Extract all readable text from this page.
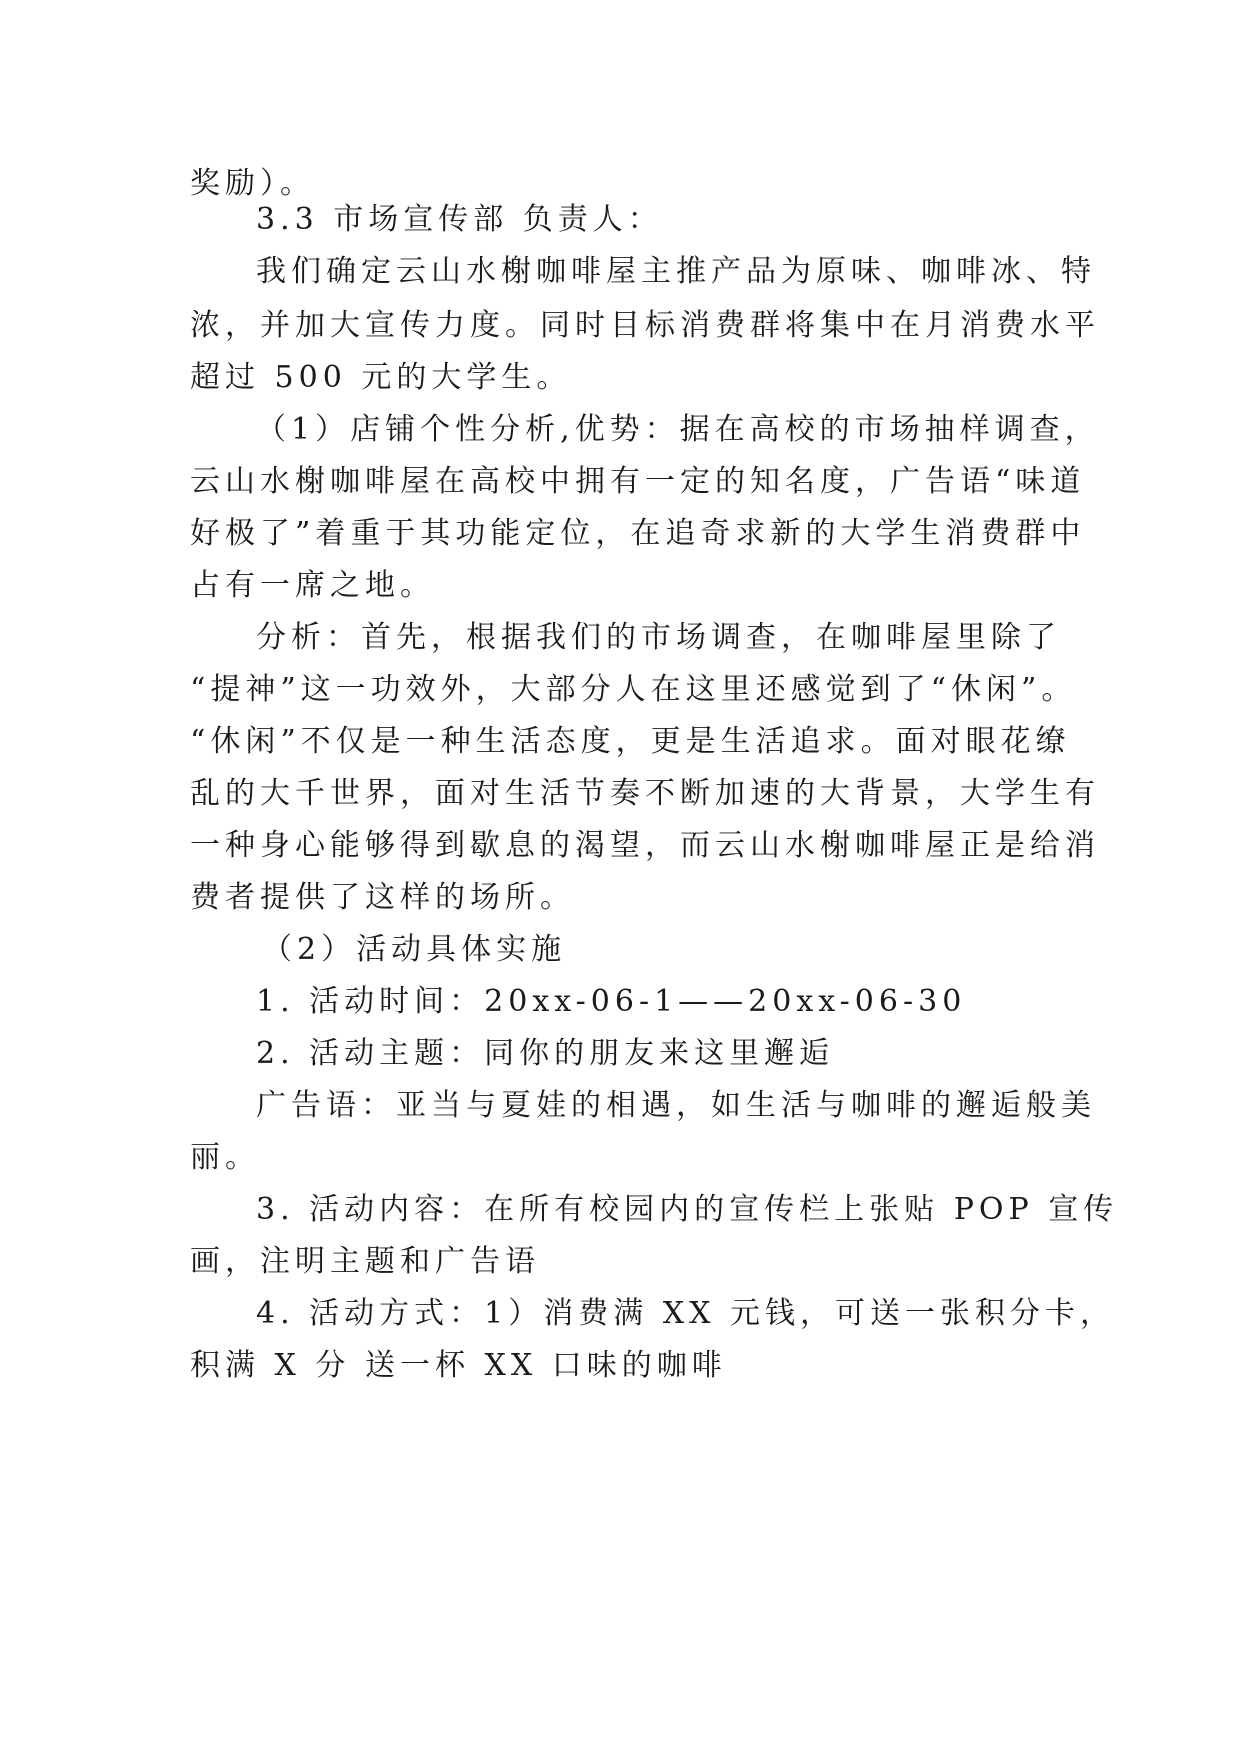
奖励）。
3.3 市场宣传部 负责人：
我们确定云山水榭咖啡屋主推产品为原味、咖啡冰、特
浓，并加大宣传力度。同时目标消费群将集中在月消费水平
超过 500 元的大学生。
（1）店铺个性分析,优势：据在高校的市场抽样调查，
云山水榭咖啡屋在高校中拥有一定的知名度，广告语“味道
好极了”着重于其功能定位，在追奇求新的大学生消费群中
占有一席之地。
分析：首先，根据我们的市场调查，在咖啡屋里除了
“提神”这一功效外，大部分人在这里还感觉到了“休闲”。
“休闲”不仅是一种生活态度，更是生活追求。面对眼花缭
乱的大千世界，面对生活节奏不断加速的大背景，大学生有
一种身心能够得到歇息的渴望，而云山水榭咖啡屋正是给消
费者提供了这样的场所。
（2）活动具体实施
1. 活动时间：20xx-06-1——20xx-06-30
2. 活动主题：同你的朋友来这里邂逅
广告语：亚当与夏娃的相遇，如生活与咖啡的邂逅般美
丽。
3. 活动内容：在所有校园内的宣传栏上张贴 POP 宣传
画，注明主题和广告语
4. 活动方式：1）消费满 XX 元钱，可送一张积分卡，
积满 X 分 送一杯 XX 口味的咖啡
